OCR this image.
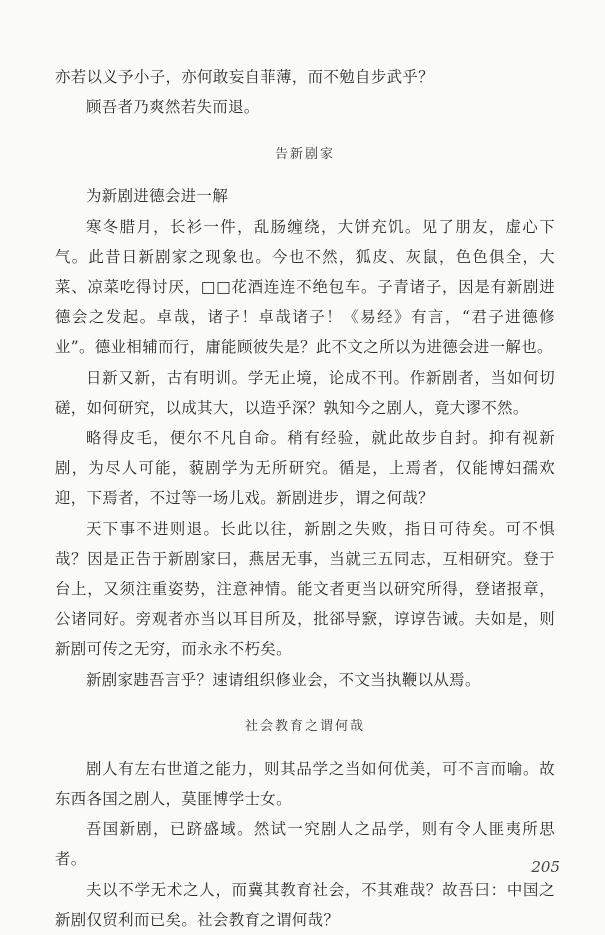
亦若以义予小子，亦何敢妄自菲薄，而不勉自步武乎？

顾吾者乃爽然若失而退。

告新剧家

为新剧进德会进一解

寒冬腊月，长衫一件，乱肠缠绕，大饼充饥。见了朋友，虚心下气。此昔日新剧家之现象也。今也不然，狐皮、灰鼠，色色俱全，大菜、凉菜吃得讨厌，□□花酒连连不绝包车。子青诸子，因是有新剧进德会之发起。卓哉，诸子！卓哉诸子！《易经》有言，“君子进德修业”。德业相辅而行，庸能顾彼失是？此不文之所以为进德会进一解也。

日新又新，古有明训。学无止境，论成不刊。作新剧者，当如何切磋，如何研究，以成其大，以造乎深？孰知今之剧人，竟大谬不然。

略得皮毛，便尔不凡自命。稍有经验，就此故步自封。抑有视新剧，为尽人可能，藐剧学为无所研究。循是，上焉者，仅能博妇孺欢迎，下焉者，不过等一场儿戏。新剧进步，谓之何哉？

天下事不进则退。长此以往，新剧之失败，指日可待矣。可不惧哉？因是正告于新剧家曰，燕居无事，当就三五同志，互相研究。登于台上，又须注重姿势，注意神情。能文者更当以研究所得，登诸报章，公诸同好。旁观者亦当以耳目所及，批郤导窾，谆谆告诫。夫如是，则新剧可传之无穷，而永永不朽矣。

新剧家韪吾言乎？速请组织修业会，不文当执鞭以从焉。

社会教育之谓何哉

剧人有左右世道之能力，则其品学之当如何优美，可不言而喻。故东西各国之剧人，莫匪博学士女。

吾国新剧，已跻盛域。然试一究剧人之品学，则有令人匪夷所思者。

夫以不学无术之人，而冀其教育社会，不其难哉？故吾曰：中国之新剧仅贸利而已矣。社会教育之谓何哉？

205
